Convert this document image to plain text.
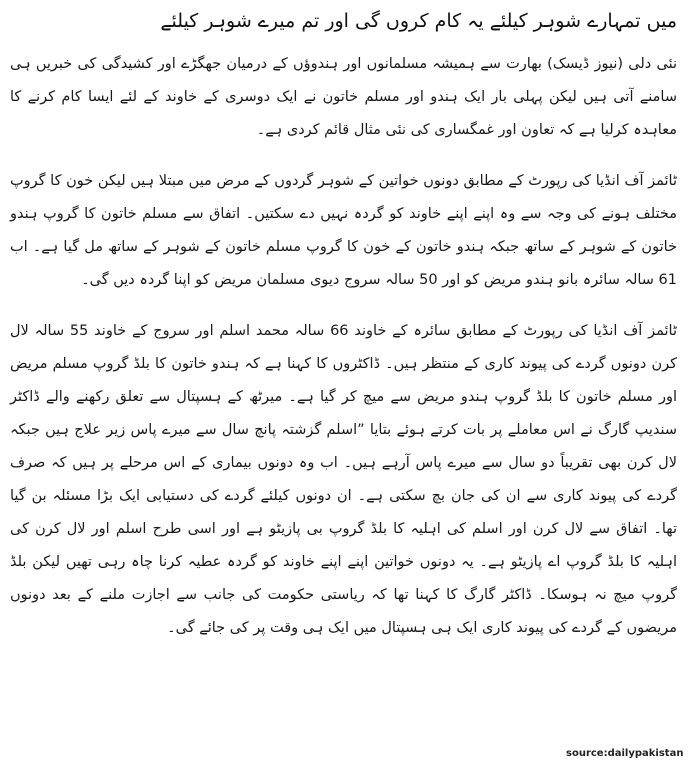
میں تمہارے شوہر کیلئے یہ کام کروں گی اور تم میرے شوہر کیلئے

نئی دلی (نیوز ڈیسک) بھارت سے ہمیشہ مسلمانوں اور ہندوؤں کے درمیان جھگڑے اور کشیدگی کی خبریں ہی سامنے آتی ہیں لیکن پہلی بار ایک ہندو اور مسلم خاتون نے ایک دوسری کے خاوند کے لئے ایسا کام کرنے کا معاہدہ کرلیا ہے کہ تعاون اور غمگساری کی نئی مثال قائم کردی ہے۔

ٹائمز آف انڈیا کی رپورٹ کے مطابق دونوں خواتین کے شوہر گردوں کے مرض میں مبتلا ہیں لیکن خون کا گروپ مختلف ہونے کی وجہ سے وہ اپنے اپنے خاوند کو گردہ نہیں دے سکتیں۔ اتفاق سے مسلم خاتون کا گروپ ہندو خاتون کے شوہر کے ساتھ جبکہ ہندو خاتون کے خون کا گروپ مسلم خاتون کے شوہر کے ساتھ مل گیا ہے۔ اب 61 سالہ سائرہ بانو ہندو مریض کو اور 50 سالہ سروج دیوی مسلمان مریض کو اپنا گردہ دیں گی۔

ٹائمز آف انڈیا کی رپورٹ کے مطابق سائرہ کے خاوند 66 سالہ محمد اسلم اور سروج کے خاوند 55 سالہ لال کرن دونوں گردے کی پیوند کاری کے منتظر ہیں۔ ڈاکٹروں کا کہنا ہے کہ ہندو خاتون کا بلڈ گروپ مسلم مریض اور مسلم خاتون کا بلڈ گروپ ہندو مریض سے میچ کر گیا ہے۔ میرٹھ کے ہسپتال سے تعلق رکھنے والے ڈاکٹر سندیپ گارگ نے اس معاملے پر بات کرتے ہوئے بتایا ”اسلم گزشتہ پانچ سال سے میرے پاس زیر علاج ہیں جبکہ لال کرن بھی تقریباً دو سال سے میرے پاس آرہے ہیں۔ اب وہ دونوں بیماری کے اس مرحلے پر ہیں کہ صرف گردے کی پیوند کاری سے ان کی جان بچ سکتی ہے۔ ان دونوں کیلئے گردے کی دستیابی ایک بڑا مسئلہ بن گیا تھا۔ اتفاق سے لال کرن اور اسلم کی اہلیہ کا بلڈ گروپ بی پازیٹو ہے اور اسی طرح اسلم اور لال کرن کی اہلیہ کا بلڈ گروپ اے پازیٹو ہے۔ یہ دونوں خواتین اپنے اپنے خاوند کو گردہ عطیہ کرنا چاہ رہی تھیں لیکن بلڈ گروپ میچ نہ ہوسکا۔ ڈاکٹر گارگ کا کہنا تھا کہ ریاستی حکومت کی جانب سے اجازت ملنے کے بعد دونوں مریضوں کے گردے کی پیوند کاری ایک ہی ہسپتال میں ایک ہی وقت پر کی جائے گی۔

source:dailypakistan
